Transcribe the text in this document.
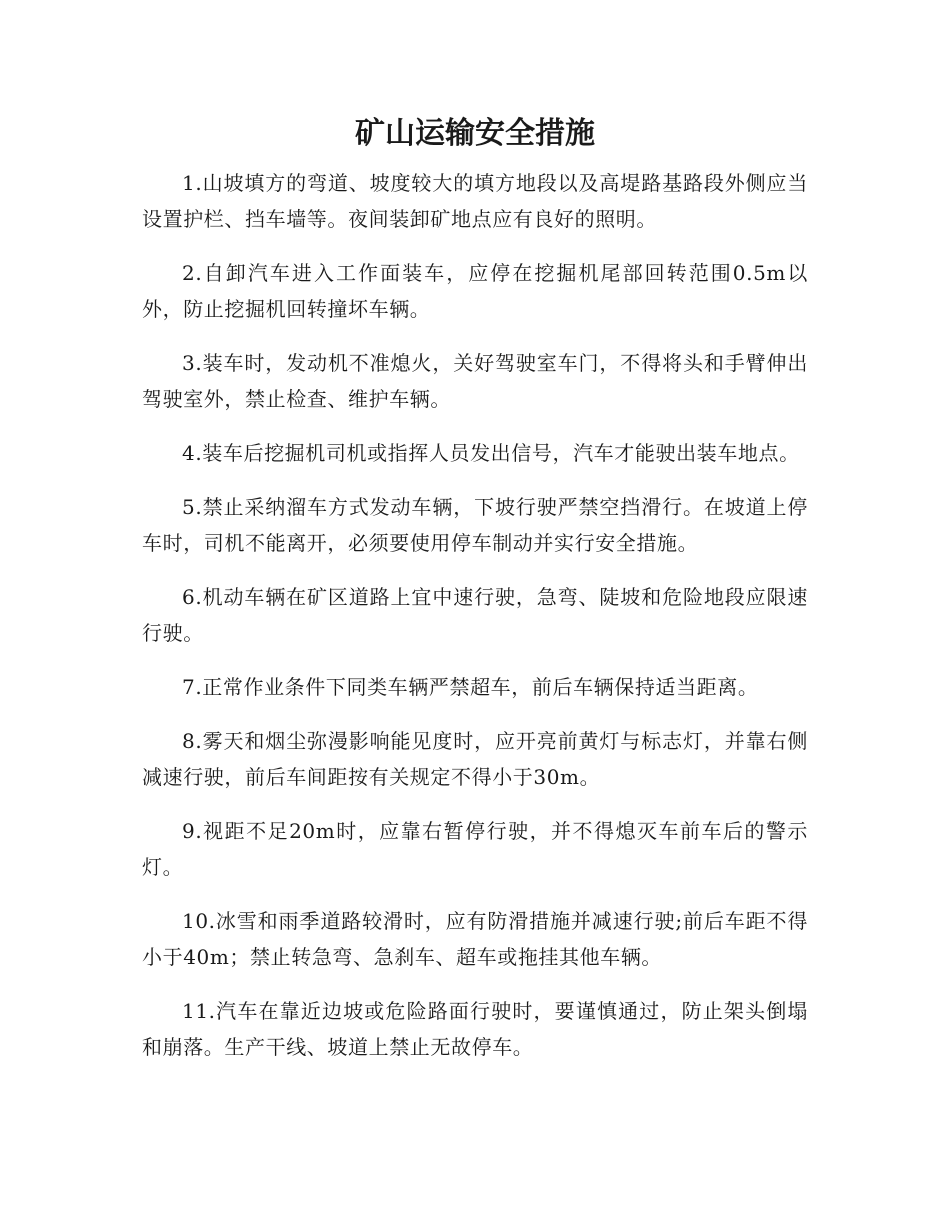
矿山运输安全措施

1.山坡填方的弯道、坡度较大的填方地段以及高堤路基路段外侧应当设置护栏、挡车墙等。夜间装卸矿地点应有良好的照明。

2.自卸汽车进入工作面装车，应停在挖掘机尾部回转范围0.5m以外，防止挖掘机回转撞坏车辆。

3.装车时，发动机不准熄火，关好驾驶室车门，不得将头和手臂伸出驾驶室外，禁止检查、维护车辆。

4.装车后挖掘机司机或指挥人员发出信号，汽车才能驶出装车地点。

5.禁止采纳溜车方式发动车辆，下坡行驶严禁空挡滑行。在坡道上停车时，司机不能离开，必须要使用停车制动并实行安全措施。

6.机动车辆在矿区道路上宜中速行驶，急弯、陡坡和危险地段应限速行驶。

7.正常作业条件下同类车辆严禁超车，前后车辆保持适当距离。

8.雾天和烟尘弥漫影响能见度时，应开亮前黄灯与标志灯，并靠右侧减速行驶，前后车间距按有关规定不得小于30m。

9.视距不足20m时，应靠右暂停行驶，并不得熄灭车前车后的警示灯。

10.冰雪和雨季道路较滑时，应有防滑措施并减速行驶;前后车距不得小于40m；禁止转急弯、急刹车、超车或拖挂其他车辆。

11.汽车在靠近边坡或危险路面行驶时，要谨慎通过，防止架头倒塌和崩落。生产干线、坡道上禁止无故停车。
